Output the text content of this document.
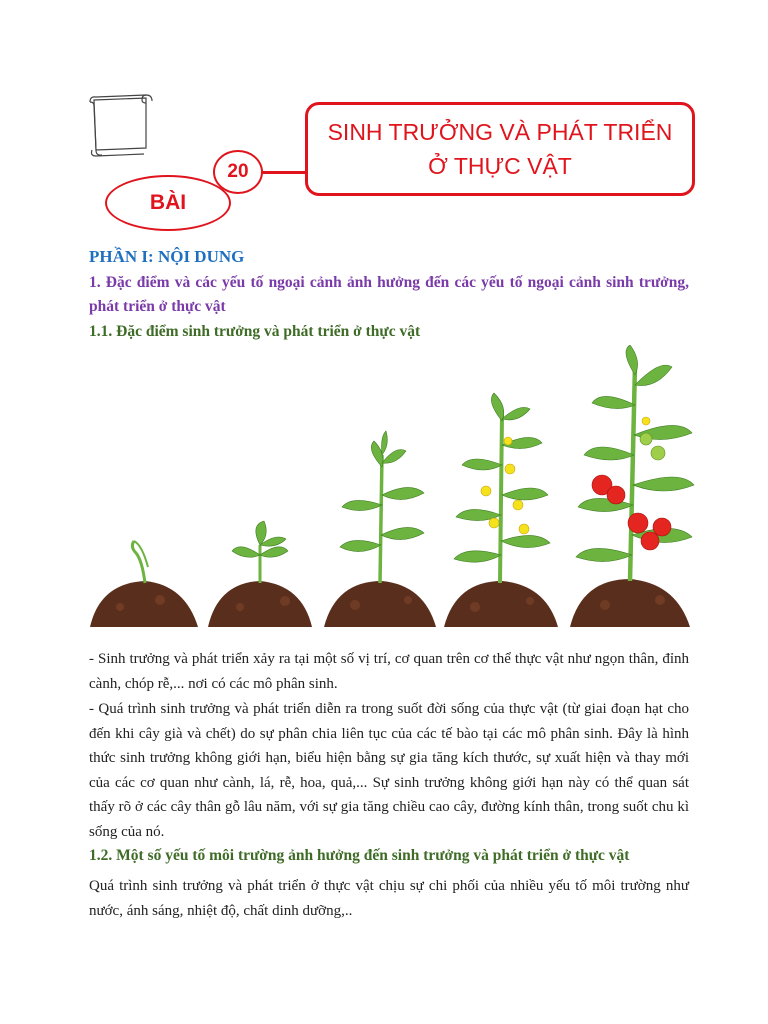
BÀI
20
SINH TRƯỞNG VÀ PHÁT TRIỂN
Ở THỰC VẬT
PHẦN I: NỘI DUNG
1. Đặc điểm và các yếu tố ngoại cảnh ảnh hưởng đến các yếu tố ngoại cảnh sinh trưởng, phát triển ở thực vật
1.1. Đặc điểm sinh trưởng và phát triển ở thực vật
- Sinh trưởng và phát triển xảy ra tại một số vị trí, cơ quan trên cơ thể thực vật như ngọn thân, đỉnh cành, chóp rễ,... nơi có các mô phân sinh.
- Quá trình sinh trưởng và phát triển diễn ra trong suốt đời sống của thực vật (từ giai đoạn hạt cho đến khi cây già và chết) do sự phân chia liên tục của các tế bào tại các mô phân sinh. Đây là hình thức sinh trưởng không giới hạn, biểu hiện bằng sự gia tăng kích thước, sự xuất hiện và thay mới của các cơ quan như cành, lá, rễ, hoa, quả,... Sự sinh trưởng không giới hạn này có thể quan sát thấy rõ ở các cây thân gỗ lâu năm, với sự gia tăng chiều cao cây, đường kính thân, trong suốt chu kì sống của nó.
1.2. Một số yếu tố môi trường ảnh hưởng đến sinh trưởng và phát triển ở thực vật
Quá trình sinh trưởng và phát triển ở thực vật chịu sự chi phối của nhiều yếu tố môi trường như nước, ánh sáng, nhiệt độ, chất dinh dưỡng,..
